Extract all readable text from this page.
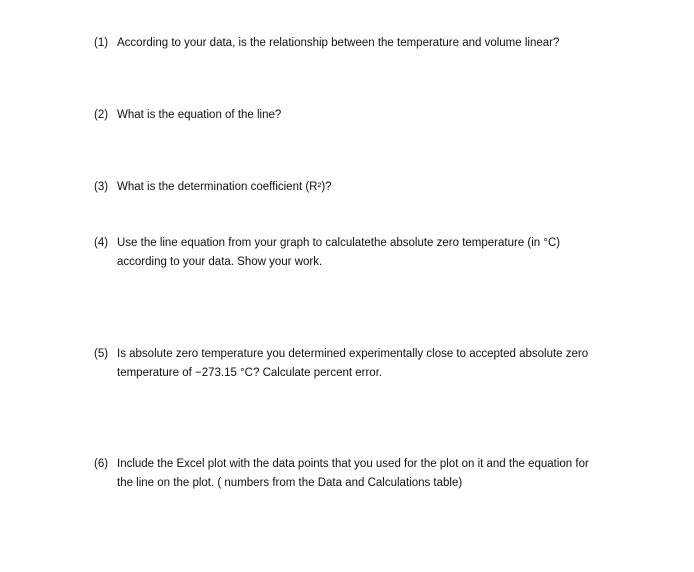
(1) According to your data, is the relationship between the temperature and volume linear?
(2) What is the equation of the line?
(3) What is the determination coefficient (R²)?
(4) Use the line equation from your graph to calculatethe absolute zero temperature (in °C)
according to your data. Show your work.
(5) Is absolute zero temperature you determined experimentally close to accepted absolute zero
temperature of −273.15 °C? Calculate percent error.
(6) Include the Excel plot with the data points that you used for the plot on it and the equation for
the line on the plot. ( numbers from the Data and Calculations table)
